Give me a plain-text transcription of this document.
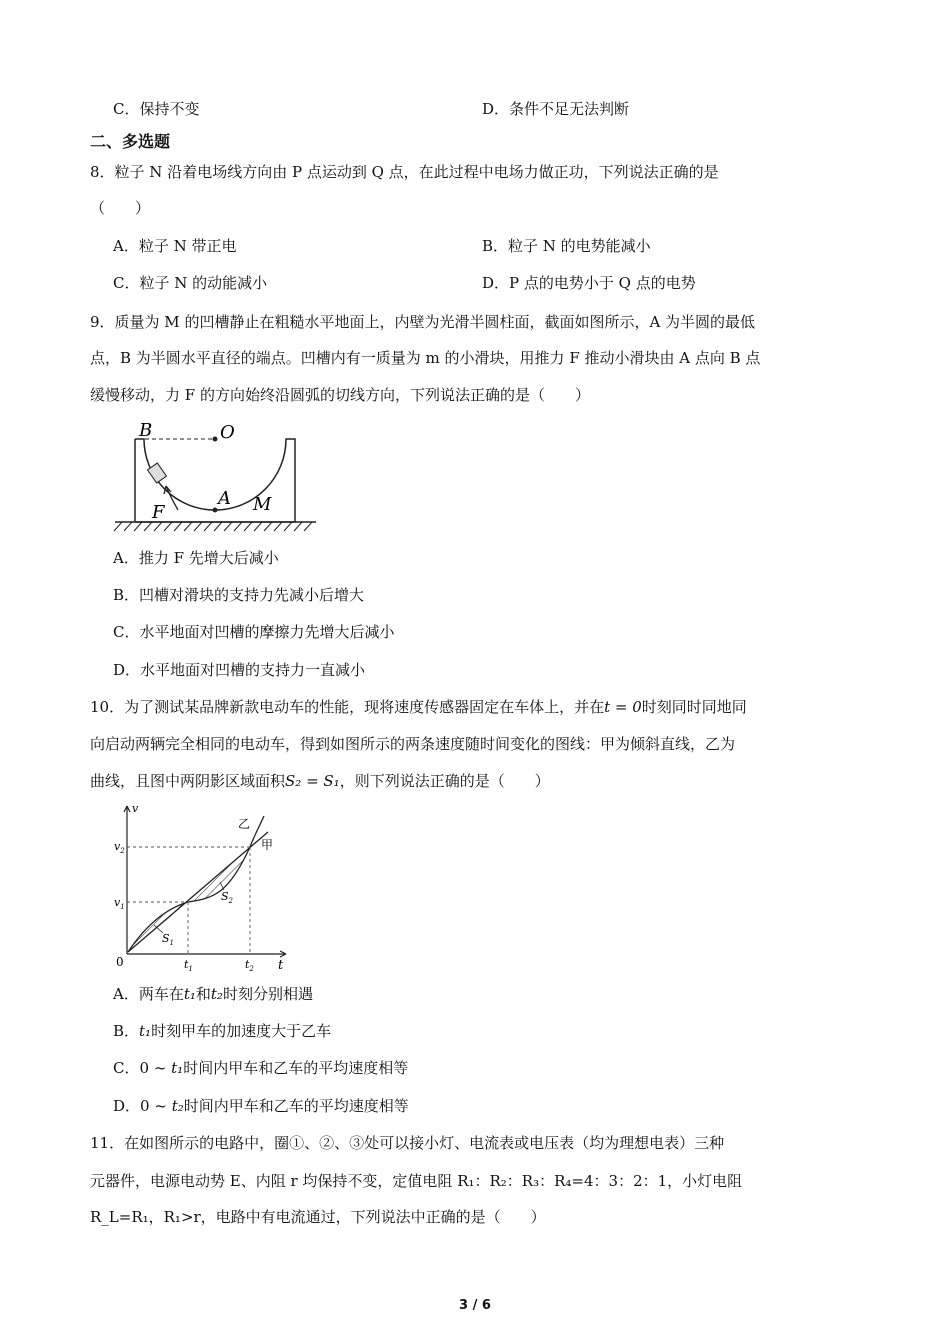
C．保持不变	D．条件不足无法判断
二、多选题
8．粒子 N 沿着电场线方向由 P 点运动到 Q 点，在此过程中电场力做正功，下列说法正确的是
（　　）
A．粒子 N 带正电	B．粒子 N 的电势能减小
C．粒子 N 的动能减小	D．P 点的电势小于 Q 点的电势
9．质量为 M 的凹槽静止在粗糙水平地面上，内壁为光滑半圆柱面，截面如图所示，A 为半圆的最低
点，B 为半圆水平直径的端点。凹槽内有一质量为 m 的小滑块，用推力 F 推动小滑块由 A 点向 B 点
缓慢移动，力 F 的方向始终沿圆弧的切线方向，下列说法正确的是（　　）
B	O
A M
F
A．推力 F 先增大后减小
B．凹槽对滑块的支持力先减小后增大
C．水平地面对凹槽的摩擦力先增大后减小
D．水平地面对凹槽的支持力一直减小
10．为了测试某品牌新款电动车的性能，现将速度传感器固定在车体上，并在t = 0时刻同时同地同
向启动两辆完全相同的电动车，得到如图所示的两条速度随时间变化的图线：甲为倾斜直线，乙为
曲线，且图中两阴影区域面积S₂ = S₁，则下列说法正确的是（　　）
v
t
0
$v_1$
$v_2$
$t_1$	$t_2$
$S_1$
$S_2$
乙
甲
A．两车在t₁和t₂时刻分别相遇
B．t₁时刻甲车的加速度大于乙车
C．0 ~ t₁时间内甲车和乙车的平均速度相等
D．0 ~ t₂时间内甲车和乙车的平均速度相等
11．在如图所示的电路中，圈①、②、③处可以接小灯、电流表或电压表（均为理想电表）三种
元器件，电源电动势 E、内阻 r 均保持不变，定值电阻 R₁：R₂：R₃：R₄=4：3：2：1，小灯电阻
R_L=R₁，R₁>r，电路中有电流通过，下列说法中正确的是（　　）
3 / 6
